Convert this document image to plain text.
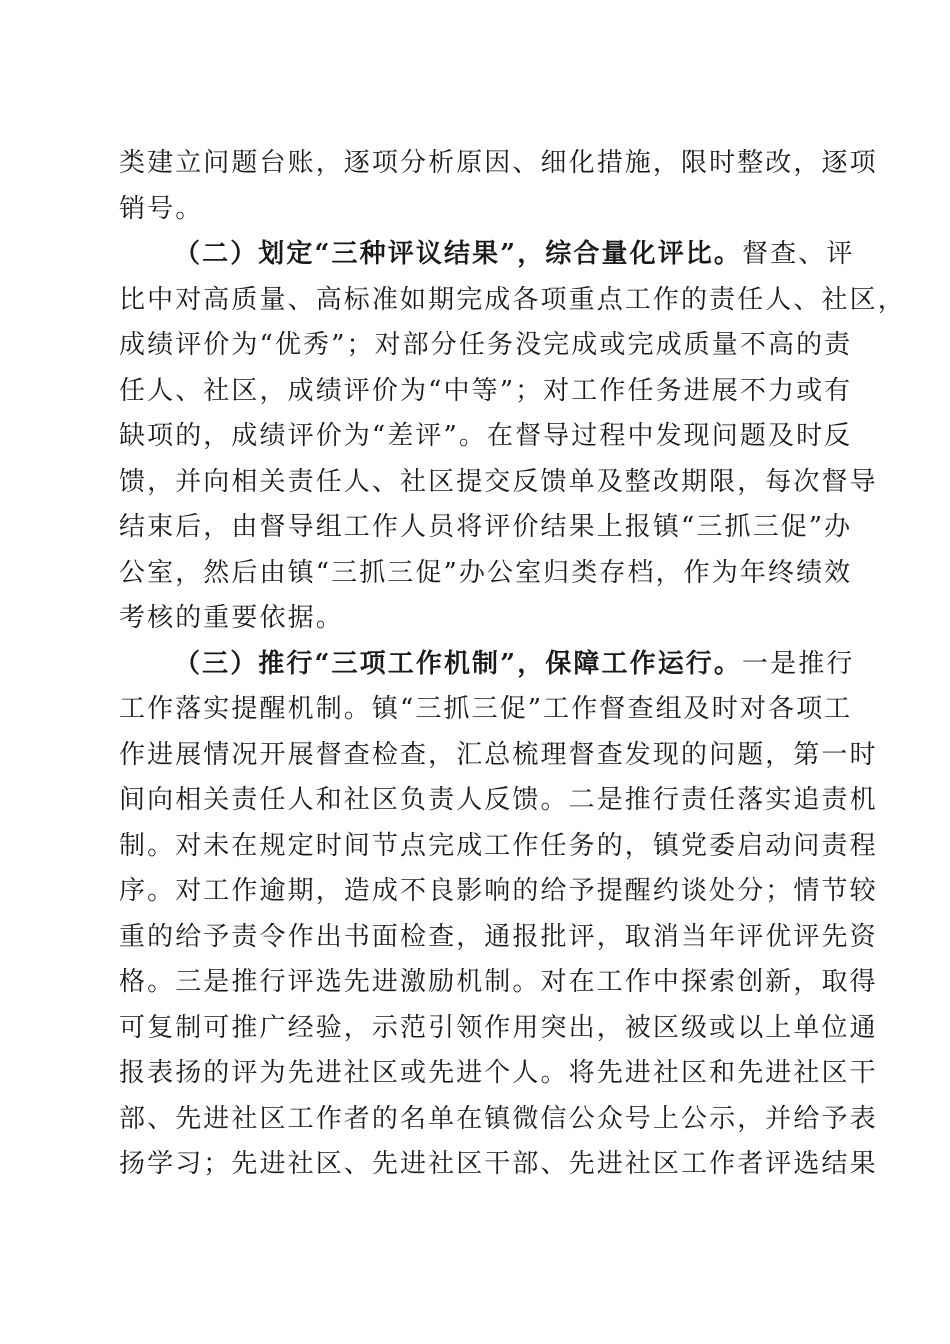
类建立问题台账，逐项分析原因、细化措施，限时整改，逐项
销号。
（二）划定“三种评议结果”，综合量化评比。督查、评
比中对高质量、高标准如期完成各项重点工作的责任人、社区，
成绩评价为“优秀”；对部分任务没完成或完成质量不高的责
任人、社区，成绩评价为“中等”；对工作任务进展不力或有
缺项的，成绩评价为“差评”。在督导过程中发现问题及时反
馈，并向相关责任人、社区提交反馈单及整改期限，每次督导
结束后，由督导组工作人员将评价结果上报镇“三抓三促”办
公室，然后由镇“三抓三促”办公室归类存档，作为年终绩效
考核的重要依据。
（三）推行“三项工作机制”，保障工作运行。一是推行
工作落实提醒机制。镇“三抓三促”工作督查组及时对各项工
作进展情况开展督查检查，汇总梳理督查发现的问题，第一时
间向相关责任人和社区负责人反馈。二是推行责任落实追责机
制。对未在规定时间节点完成工作任务的，镇党委启动问责程
序。对工作逾期，造成不良影响的给予提醒约谈处分；情节较
重的给予责令作出书面检查，通报批评，取消当年评优评先资
格。三是推行评选先进激励机制。对在工作中探索创新，取得
可复制可推广经验，示范引领作用突出，被区级或以上单位通
报表扬的评为先进社区或先进个人。将先进社区和先进社区干
部、先进社区工作者的名单在镇微信公众号上公示，并给予表
扬学习；先进社区、先进社区干部、先进社区工作者评选结果
